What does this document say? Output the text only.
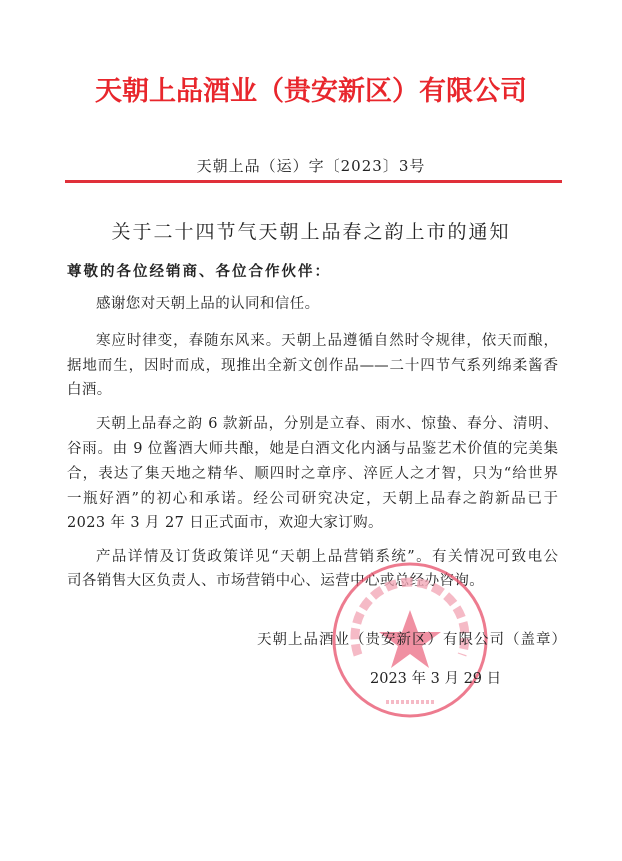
天朝上品酒业（贵安新区）有限公司
天朝上品（运）字〔2023〕3号
关于二十四节气天朝上品春之韵上市的通知
尊敬的各位经销商、各位合作伙伴：
感谢您对天朝上品的认同和信任。
寒应时律变，春随东风来。天朝上品遵循自然时令规律，依天而酿，
据地而生，因时而成，现推出全新文创作品——二十四节气系列绵柔酱香
白酒。
天朝上品春之韵 6 款新品，分别是立春、雨水、惊蛰、春分、清明、
谷雨。由 9 位酱酒大师共酿，她是白酒文化内涵与品鉴艺术价值的完美集
合，表达了集天地之精华、顺四时之章序、淬匠人之才智，只为“给世界
一瓶好酒”的初心和承诺。经公司研究决定，天朝上品春之韵新品已于
2023 年 3 月 27 日正式面市，欢迎大家订购。
产品详情及订货政策详见“天朝上品营销系统”。有关情况可致电公
司各销售大区负责人、市场营销中心、运营中心或总经办咨询。
天朝上品酒业（贵安新区）有限公司（盖章）
2023 年 3 月 29 日
